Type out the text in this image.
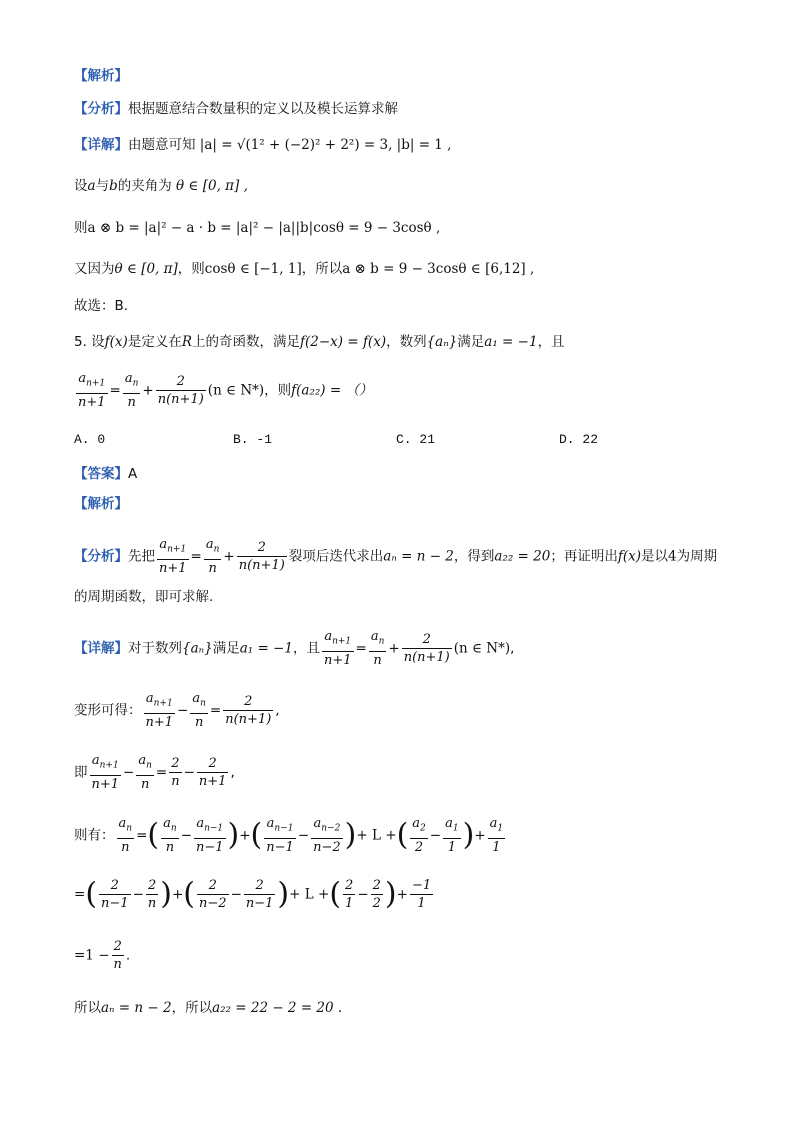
【解析】
【分析】根据题意结合数量积的定义以及模长运算求解
【详解】由题意可知 |a| = √(1² + (−2)² + 2²) = 3, |b| = 1 ,
设a与b的夹角为 θ ∈ [0, π] ,
则a ⊗ b = |a|² − a · b = |a|² − |a||b|cosθ = 9 − 3cosθ ,
又因为θ ∈ [0, π]，则cosθ ∈ [−1, 1]，所以a ⊗ b = 9 − 3cosθ ∈ [6,12] ,
故选：B.
5. 设f(x)是定义在R上的奇函数，满足f(2−x) = f(x)，数列{aₙ}满足a₁ = −1，且
$\frac{a_{n+1}}{n+1} = \frac{a_n}{n} + \frac{2}{n(n+1)} (n$ ∈ N*)，则f(a₂₂) = （）
A. 0	B. -1	C. 21	D. 22
【答案】A
【解析】
【分析】先把 $\frac{a_{n+1}}{n+1} = \frac{a_n}{n} + \frac{2}{n(n+1)}$ 裂项后迭代求出aₙ = n − 2，得到a₂₂ = 20；再证明出f(x)是以4为周期
的周期函数，即可求解.
【详解】对于数列{aₙ}满足a₁ = −1，且 $\frac{a_{n+1}}{n+1} = \frac{a_n}{n} + \frac{2}{n(n+1)} (n$ ∈ N*),
变形可得： $\frac{a_{n+1}}{n+1} - \frac{a_n}{n} = \frac{2}{n(n+1)}$ ,
即 $\frac{a_{n+1}}{n+1} - \frac{a_n}{n} = \frac{2}{n} - \frac{2}{n+1}$ ,
则有： $\frac{a_n}{n}$ =( $\frac{a_n}{n} - \frac{a_{n-1}}{n-1}$ )+( $\frac{a_{n-1}}{n-1} - \frac{a_{n-2}}{n-2}$ )+ L +( $\frac{a_2}{2} - \frac{a_1}{1}$ )+ $\frac{a_1}{1}$
=( $\frac{2}{n-1} - \frac{2}{n}$ )+( $\frac{2}{n-2} - \frac{2}{n-1}$ )+ L +( $\frac{2}{1} - \frac{2}{2}$ )+ $\frac{-1}{1}$
$=1 - \frac{2}{n}$ .
所以aₙ = n − 2，所以a₂₂ = 22 − 2 = 20 .
